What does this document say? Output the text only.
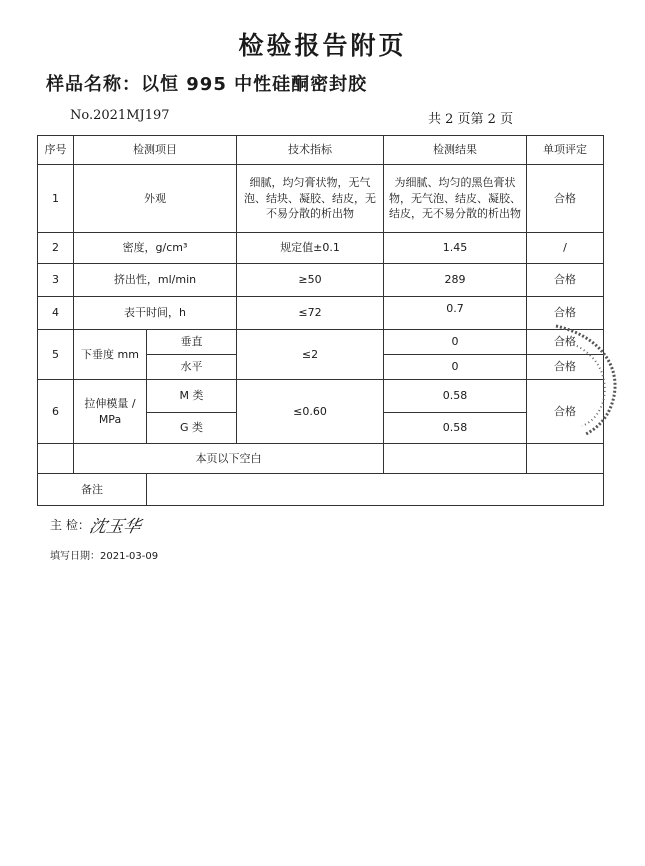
检验报告附页
样品名称：以恒 995 中性硅酮密封胶
No.2021MJ197	共 2 页第 2 页
序号	检测项目		技术指标	检测结果	单项评定
1	外观		细腻，均匀膏状物，无气泡、结块、凝胶、结皮，无不易分散的析出物	为细腻、均匀的黑色膏状物，无气泡、结皮、凝胶、结皮，无不易分散的析出物	合格
2	密度，g/cm³		规定值±0.1	1.45	/
3	挤出性，ml/min		≥50	289	合格
4	表干时间，h		≤72	0.7	合格
5	下垂度 mm	垂直	≤2	0	合格
		水平		0	合格
6	拉伸模量 / MPa	M 类	≤0.60	0.58	合格
		G 类		0.58	
	本页以下空白				
备注					
主 检：
沈玉华
填写日期：2021-03-09
